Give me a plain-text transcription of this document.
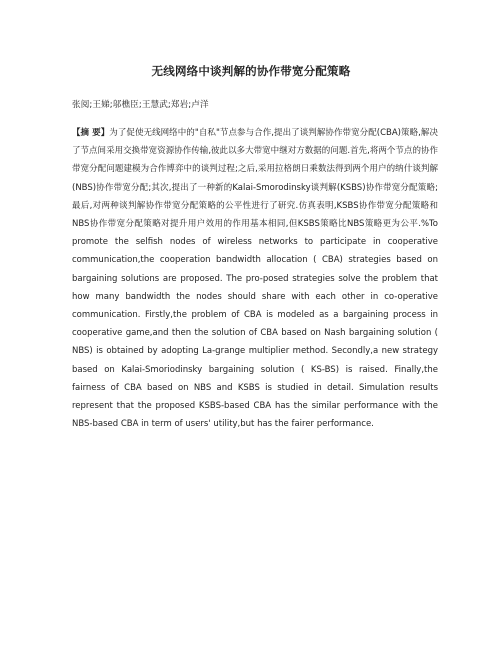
无线网络中谈判解的协作带宽分配策略
张阅;王娣;邬樵臣;王慧武;郑岩;卢洋
【摘 要】为了促使无线网络中的"自私"节点参与合作,提出了谈判解协作带宽分配(CBA)策略,解决了节点间采用交换带宽资源协作传输,彼此以多大带宽中继对方数据的问题.首先,将两个节点的协作带宽分配问题建模为合作博弈中的谈判过程;之后,采用拉格朗日乘数法得到两个用户的纳什谈判解(NBS)协作带宽分配;其次,提出了一种新的Kalai-Smorodinsky谈判解(KSBS)协作带宽分配策略;最后,对两种谈判解协作带宽分配策略的公平性进行了研究.仿真表明,KSBS协作带宽分配策略和NBS协作带宽分配策略对提升用户效用的作用基本相同,但KSBS策略比NBS策略更为公平.%To promote the selfish nodes of wireless networks to participate in cooperative communication,the cooperation bandwidth allocation ( CBA) strategies based on bargaining solutions are proposed. The pro-posed strategies solve the problem that how many bandwidth the nodes should share with each other in co-operative communication. Firstly,the problem of CBA is modeled as a bargaining process in cooperative game,and then the solution of CBA based on Nash bargaining solution ( NBS) is obtained by adopting La-grange multiplier method. Secondly,a new strategy based on Kalai-Smoriodinsky bargaining solution ( KS-BS) is raised. Finally,the fairness of CBA based on NBS and KSBS is studied in detail. Simulation results represent that the proposed KSBS-based CBA has the similar performance with the NBS-based CBA in term of users' utility,but has the fairer performance.
